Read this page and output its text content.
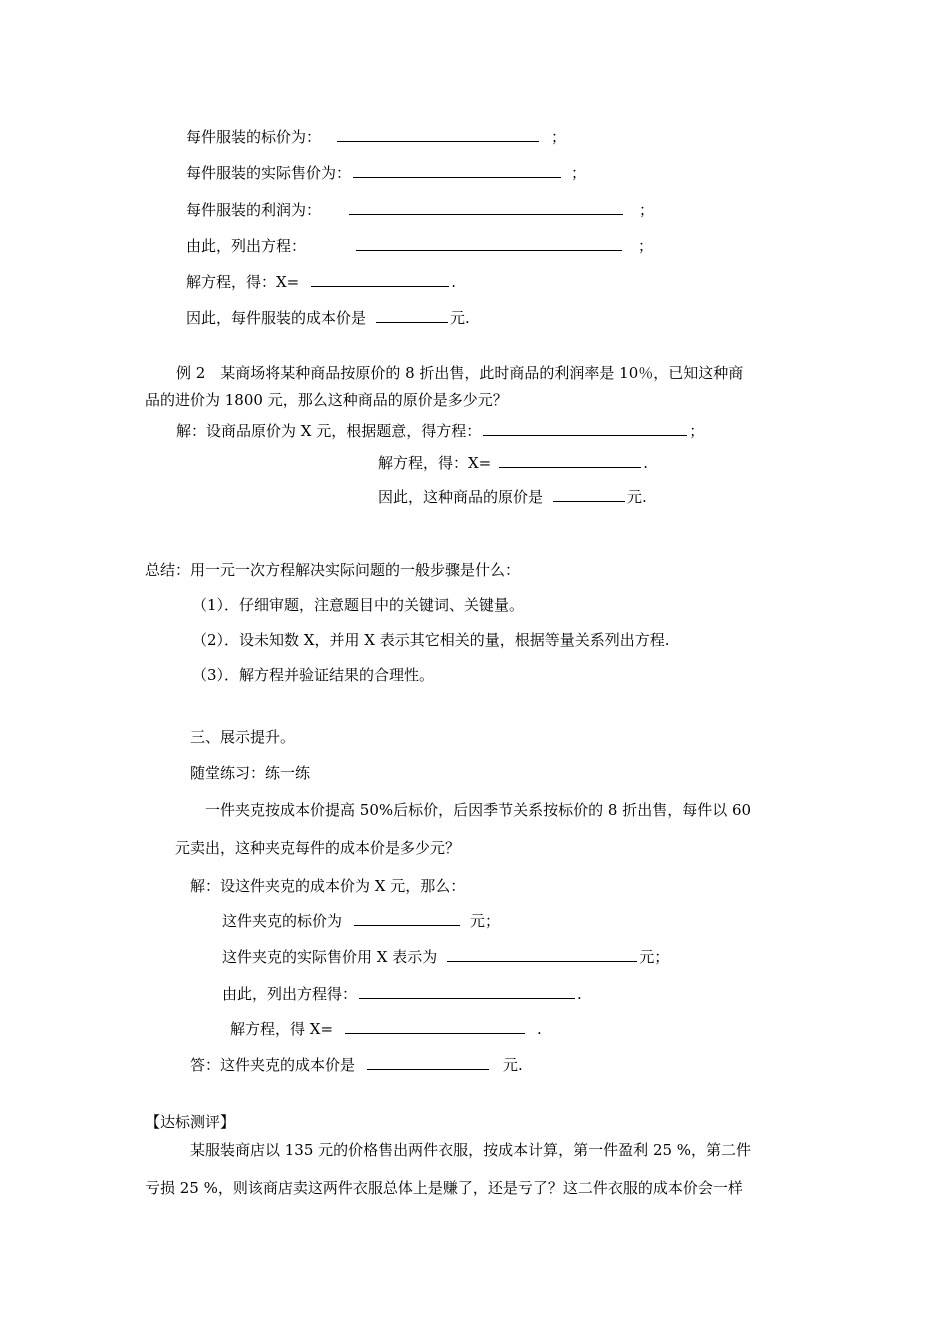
每件服装的标价为：	；
每件服装的实际售价为：	；
每件服装的利润为：	；
由此，列出方程：	；
解方程，得：X=	.
因此，每件服装的成本价是	元.
例 2　某商场将某种商品按原价的 8 折出售，此时商品的利润率是 10％，已知这种商
品的进价为 1800 元，那么这种商品的原价是多少元？
解：设商品原价为 X 元，根据题意，得方程：	；
解方程，得：X=	.
因此，这种商品的原价是	元.
总结：用一元一次方程解决实际问题的一般步骤是什么：
（1）．仔细审题，注意题目中的关键词、关键量。
（2）．设未知数 X，并用 X 表示其它相关的量，根据等量关系列出方程.
（3）．解方程并验证结果的合理性。
三、展示提升。
随堂练习：练一练
一件夹克按成本价提高 50%后标价，后因季节关系按标价的 8 折出售，每件以 60
元卖出，这种夹克每件的成本价是多少元？
解：设这件夹克的成本价为 X 元，那么：
这件夹克的标价为	元；
这件夹克的实际售价用 X 表示为	元；
由此，列出方程得：	.
解方程，得 X=	.
答：这件夹克的成本价是	元.
【达标测评】
某服装商店以 135 元的价格售出两件衣服，按成本计算，第一件盈利 25 %，第二件
亏损 25 %，则该商店卖这两件衣服总体上是赚了，还是亏了？这二件衣服的成本价会一样
